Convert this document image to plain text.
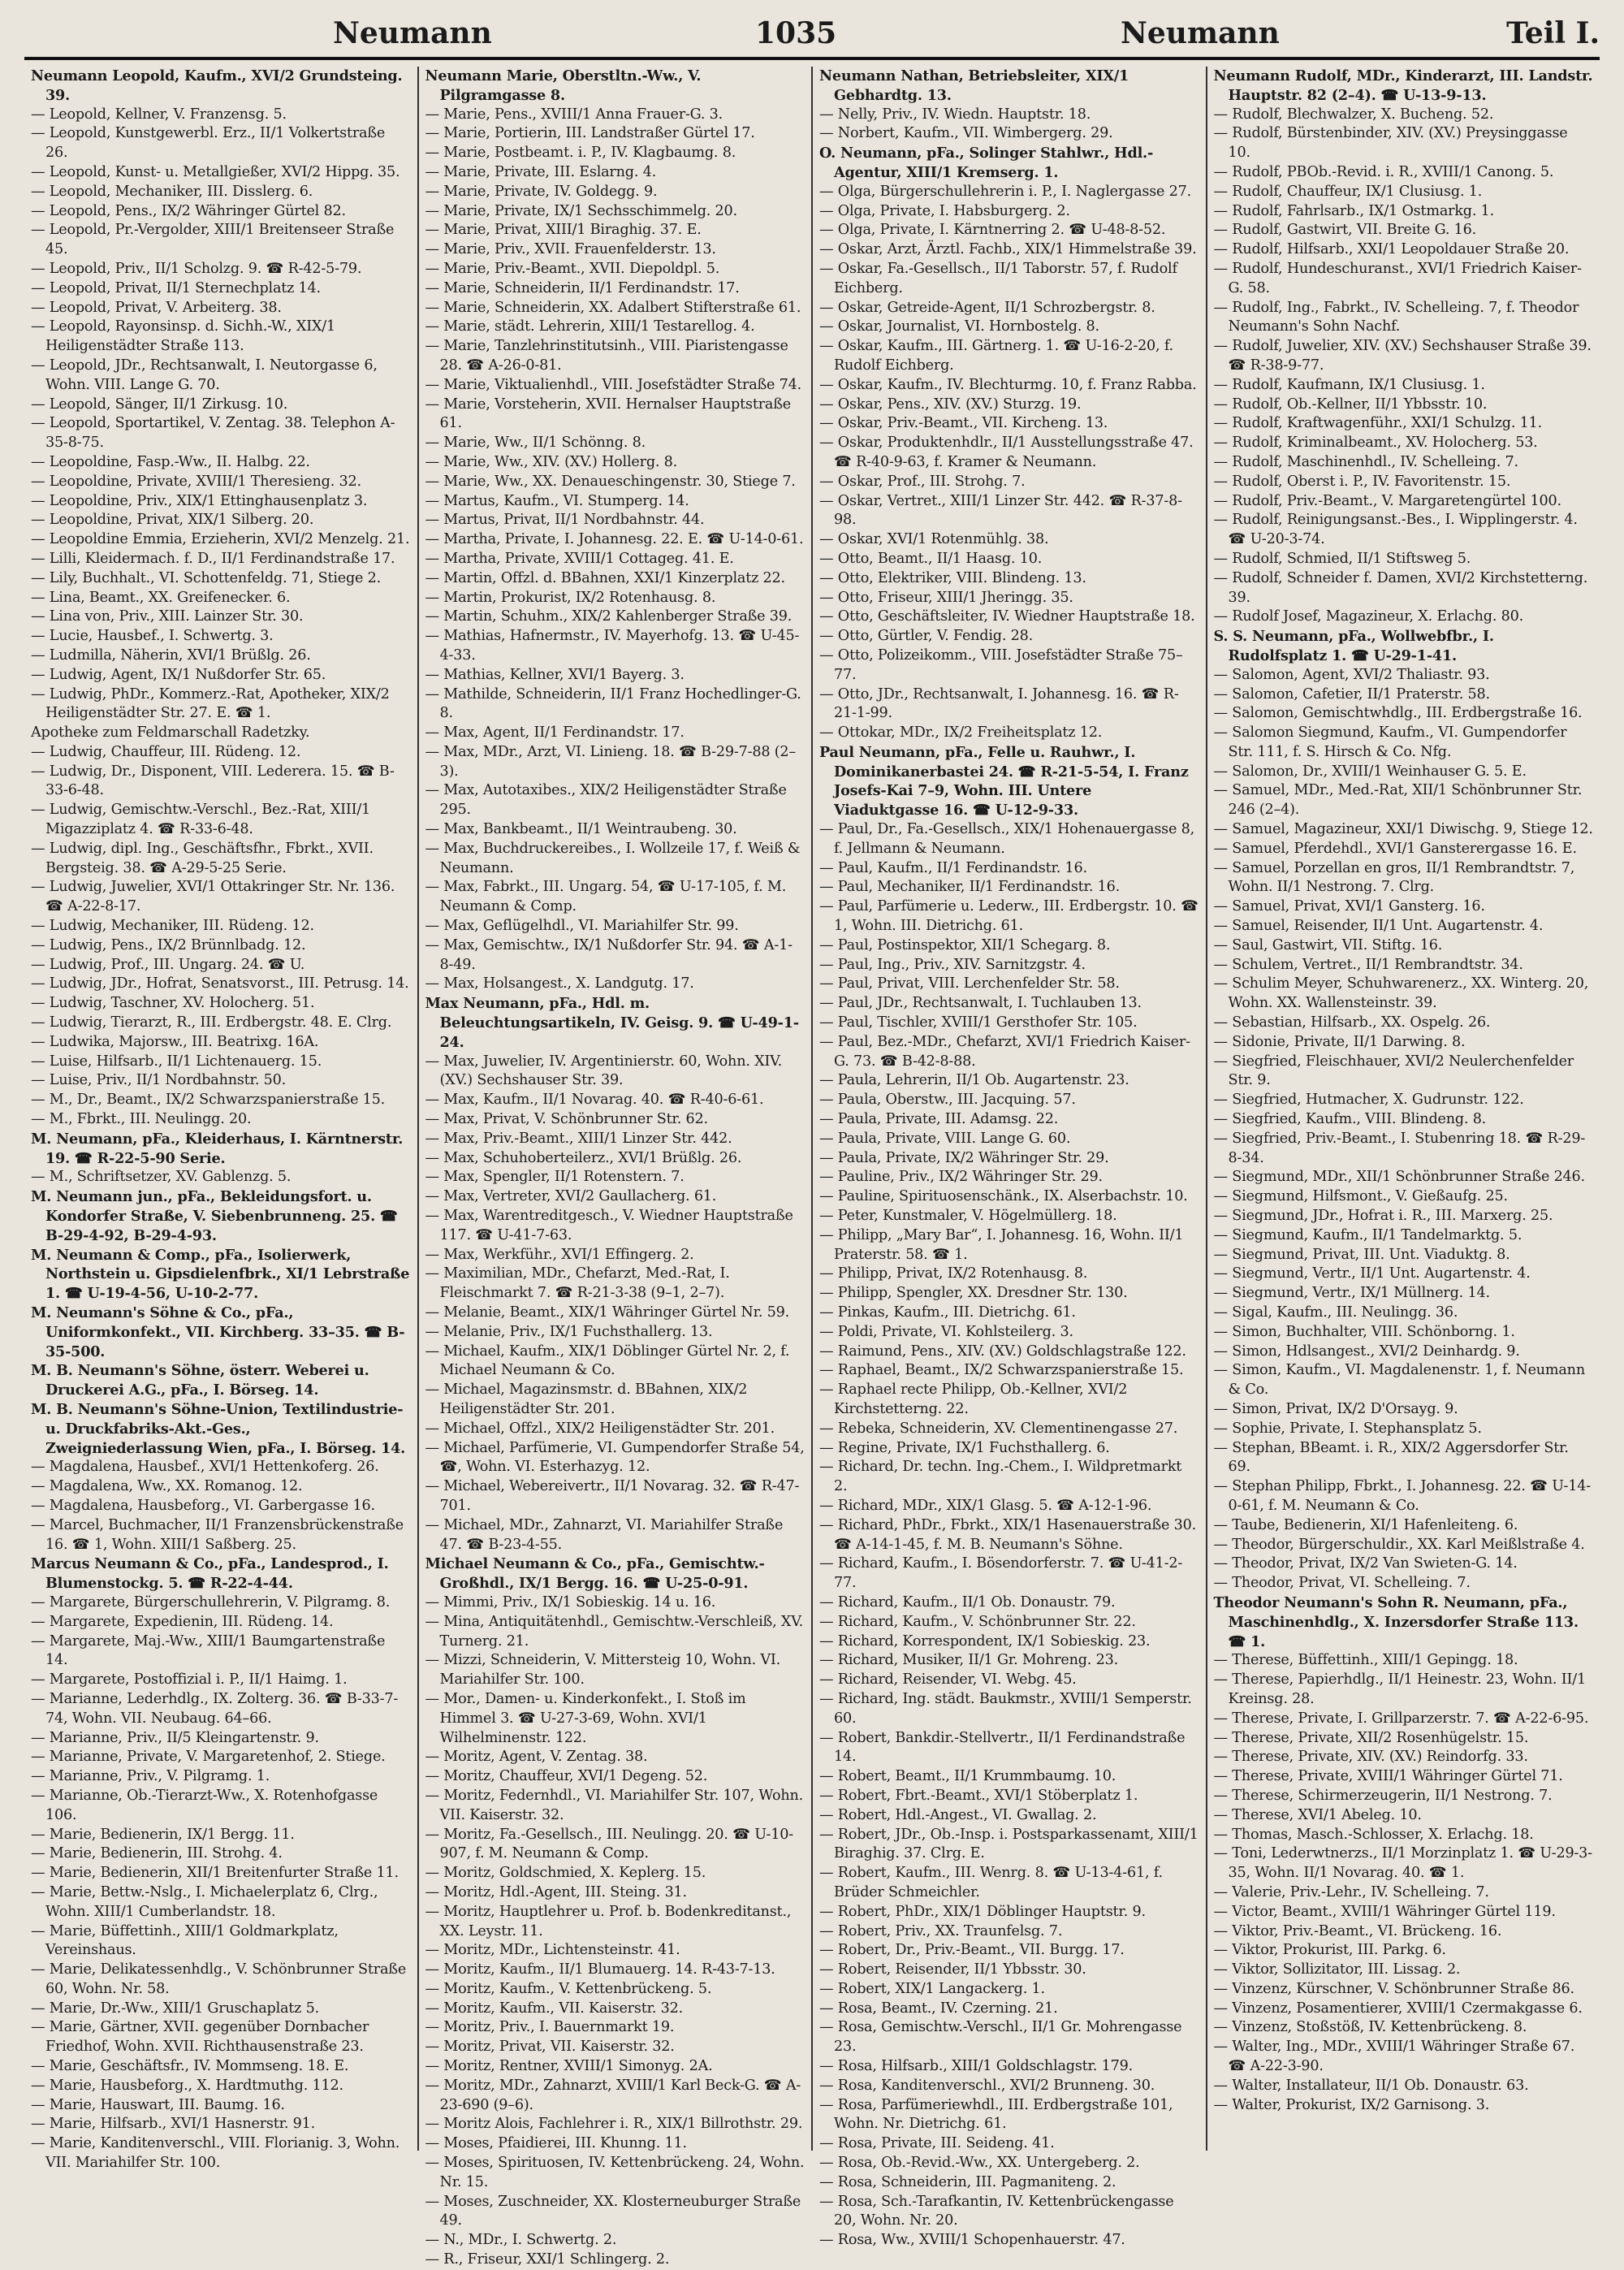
Neumann	1035	Neumann	Teil I.

Neumann Leopold, Kaufm., XVI/2 Grundsteing. 39.

— Leopold, Kellner, V. Franzensg. 5.

— Leopold, Kunstgewerbl. Erz., II/1 Volkertstraße 26.

— Leopold, Kunst- u. Metallgießer, XVI/2 Hippg. 35.

— Leopold, Mechaniker, III. Disslerg. 6.

— Leopold, Pens., IX/2 Währinger Gürtel 82.

— Leopold, Pr.-Vergolder, XIII/1 Breitenseer Straße 45.

— Leopold, Priv., II/1 Scholzg. 9. ☎ R-42-5-79.

— Leopold, Privat, II/1 Sternechplatz 14.

— Leopold, Privat, V. Arbeiterg. 38.

— Leopold, Rayonsinsp. d. Sichh.-W., XIX/1 Heiligenstädter Straße 113.

— Leopold, JDr., Rechtsanwalt, I. Neutorgasse 6, Wohn. VIII. Lange G. 70.

— Leopold, Sänger, II/1 Zirkusg. 10.

— Leopold, Sportartikel, V. Zentag. 38. Telephon A-35-8-75.

— Leopoldine, Fasp.-Ww., II. Halbg. 22.

— Leopoldine, Private, XVIII/1 Theresieng. 32.

— Leopoldine, Priv., XIX/1 Ettinghausenplatz 3.

— Leopoldine, Privat, XIX/1 Silberg. 20.

— Leopoldine Emmia, Erzieherin, XVI/2 Menzelg. 21.

— Lilli, Kleidermach. f. D., II/1 Ferdinandstraße 17.

— Lily, Buchhalt., VI. Schottenfeldg. 71, Stiege 2.

— Lina, Beamt., XX. Greifenecker. 6.

— Lina von, Priv., XIII. Lainzer Str. 30.

— Lucie, Hausbef., I. Schwertg. 3.

— Ludmilla, Näherin, XVI/1 Brüßlg. 26.

— Ludwig, Agent, IX/1 Nußdorfer Str. 65.

— Ludwig, PhDr., Kommerz.-Rat, Apotheker, XIX/2 Heiligenstädter Str. 27. E. ☎ 1.

Apotheke zum Feldmarschall Radetzky.

— Ludwig, Chauffeur, III. Rüdeng. 12.

— Ludwig, Dr., Disponent, VIII. Lederera. 15. ☎ B-33-6-48.

— Ludwig, Gemischtw.-Verschl., Bez.-Rat, XIII/1 Migazziplatz 4. ☎ R-33-6-48.

— Ludwig, dipl. Ing., Geschäftsfhr., Fbrkt., XVII. Bergsteig. 38. ☎ A-29-5-25 Serie.

— Ludwig, Juwelier, XVI/1 Ottakringer Str. Nr. 136. ☎ A-22-8-17.

— Ludwig, Mechaniker, III. Rüdeng. 12.

— Ludwig, Pens., IX/2 Brünnlbadg. 12.

— Ludwig, Prof., III. Ungarg. 24. ☎ U.

— Ludwig, JDr., Hofrat, Senatsvorst., III. Petrusg. 14.

— Ludwig, Taschner, XV. Holocherg. 51.

— Ludwig, Tierarzt, R., III. Erdbergstr. 48. E. Clrg.

— Ludwika, Majorsw., III. Beatrixg. 16A.

— Luise, Hilfsarb., II/1 Lichtenauerg. 15.

— Luise, Priv., II/1 Nordbahnstr. 50.

— M., Dr., Beamt., IX/2 Schwarzspanierstraße 15.

— M., Fbrkt., III. Neulingg. 20.

M. Neumann, pFa., Kleiderhaus, I. Kärntnerstr. 19. ☎ R-22-5-90 Serie.

— M., Schriftsetzer, XV. Gablenzg. 5.

M. Neumann jun., pFa., Bekleidungsfort. u. Kondorfer Straße, V. Siebenbrunneng. 25. ☎ B-29-4-92, B-29-4-93.

M. Neumann & Comp., pFa., Isolierwerk, Northstein u. Gipsdielenfbrk., XI/1 Lebrstraße 1. ☎ U-19-4-56, U-10-2-77.

M. Neumann's Söhne & Co., pFa., Uniformkonfekt., VII. Kirchberg. 33–35. ☎ B-35-500.

M. B. Neumann's Söhne, österr. Weberei u. Druckerei A.G., pFa., I. Börseg. 14.

M. B. Neumann's Söhne-Union, Textilindustrie- u. Druckfabriks-Akt.-Ges., Zweigniederlassung Wien, pFa., I. Börseg. 14.

— Magdalena, Hausbef., XVI/1 Hettenkoferg. 26.

— Magdalena, Ww., XX. Romanog. 12.

— Magdalena, Hausbeforg., VI. Garbergasse 16.

— Marcel, Buchmacher, II/1 Franzensbrückenstraße 16. ☎ 1, Wohn. XIII/1 Saßberg. 25.

Marcus Neumann & Co., pFa., Landesprod., I. Blumenstockg. 5. ☎ R-22-4-44.

— Margarete, Bürgerschullehrerin, V. Pilgramg. 8.

— Margarete, Expedienin, III. Rüdeng. 14.

— Margarete, Maj.-Ww., XIII/1 Baumgartenstraße 14.

— Margarete, Postoffizial i. P., II/1 Haimg. 1.

— Marianne, Lederhdlg., IX. Zolterg. 36. ☎ B-33-7-74, Wohn. VII. Neubaug. 64–66.

— Marianne, Priv., II/5 Kleingartenstr. 9.

— Marianne, Private, V. Margaretenhof, 2. Stiege.

— Marianne, Priv., V. Pilgramg. 1.

— Marianne, Ob.-Tierarzt-Ww., X. Rotenhofgasse 106.

— Marie, Bedienerin, IX/1 Bergg. 11.

— Marie, Bedienerin, III. Strohg. 4.

— Marie, Bedienerin, XII/1 Breitenfurter Straße 11.

— Marie, Bettw.-Nslg., I. Michaelerplatz 6, Clrg., Wohn. XIII/1 Cumberlandstr. 18.

— Marie, Büffettinh., XIII/1 Goldmarkplatz, Vereinshaus.

— Marie, Delikatessenhdlg., V. Schönbrunner Straße 60, Wohn. Nr. 58.

— Marie, Dr.-Ww., XIII/1 Gruschaplatz 5.

— Marie, Gärtner, XVII. gegenüber Dornbacher Friedhof, Wohn. XVII. Richthausenstraße 23.

— Marie, Geschäftsfr., IV. Mommseng. 18. E.

— Marie, Hausbeforg., X. Hardtmuthg. 112.

— Marie, Hauswart, III. Baumg. 16.

— Marie, Hilfsarb., XVI/1 Hasnerstr. 91.

— Marie, Kanditenverschl., VIII. Florianig. 3, Wohn. VII. Mariahilfer Str. 100.

Neumann Marie, Oberstltn.-Ww., V. Pilgramgasse 8.

— Marie, Pens., XVIII/1 Anna Frauer-G. 3.

— Marie, Portierin, III. Landstraßer Gürtel 17.

— Marie, Postbeamt. i. P., IV. Klagbaumg. 8.

— Marie, Private, III. Eslarng. 4.

— Marie, Private, IV. Goldegg. 9.

— Marie, Private, IX/1 Sechsschimmelg. 20.

— Marie, Privat, XIII/1 Biraghig. 37. E.

— Marie, Priv., XVII. Frauenfelderstr. 13.

— Marie, Priv.-Beamt., XVII. Diepoldpl. 5.

— Marie, Schneiderin, II/1 Ferdinandstr. 17.

— Marie, Schneiderin, XX. Adalbert Stifterstraße 61.

— Marie, städt. Lehrerin, XIII/1 Testarellog. 4.

— Marie, Tanzlehrinstitutsinh., VIII. Piaristengasse 28. ☎ A-26-0-81.

— Marie, Viktualienhdl., VIII. Josefstädter Straße 74.

— Marie, Vorsteherin, XVII. Hernalser Hauptstraße 61.

— Marie, Ww., II/1 Schönng. 8.

— Marie, Ww., XIV. (XV.) Hollerg. 8.

— Marie, Ww., XX. Denaueschingenstr. 30, Stiege 7.

— Martus, Kaufm., VI. Stumperg. 14.

— Martus, Privat, II/1 Nordbahnstr. 44.

— Martha, Private, I. Johannesg. 22. E. ☎ U-14-0-61.

— Martha, Private, XVIII/1 Cottageg. 41. E.

— Martin, Offzl. d. BBahnen, XXI/1 Kinzerplatz 22.

— Martin, Prokurist, IX/2 Rotenhausg. 8.

— Martin, Schuhm., XIX/2 Kahlenberger Straße 39.

— Mathias, Hafnermstr., IV. Mayerhofg. 13. ☎ U-45-4-33.

— Mathias, Kellner, XVI/1 Bayerg. 3.

— Mathilde, Schneiderin, II/1 Franz Hochedlinger-G. 8.

— Max, Agent, II/1 Ferdinandstr. 17.

— Max, MDr., Arzt, VI. Linieng. 18. ☎ B-29-7-88 (2–3).

— Max, Autotaxibes., XIX/2 Heiligenstädter Straße 295.

— Max, Bankbeamt., II/1 Weintraubeng. 30.

— Max, Buchdruckereibes., I. Wollzeile 17, f. Weiß & Neumann.

— Max, Fabrkt., III. Ungarg. 54, ☎ U-17-105, f. M. Neumann & Comp.

— Max, Geflügelhdl., VI. Mariahilfer Str. 99.

— Max, Gemischtw., IX/1 Nußdorfer Str. 94. ☎ A-1-8-49.

— Max, Holsangest., X. Landgutg. 17.

Max Neumann, pFa., Hdl. m. Beleuchtungsartikeln, IV. Geisg. 9. ☎ U-49-1-24.

— Max, Juwelier, IV. Argentinierstr. 60, Wohn. XIV. (XV.) Sechshauser Str. 39.

— Max, Kaufm., II/1 Novarag. 40. ☎ R-40-6-61.

— Max, Privat, V. Schönbrunner Str. 62.

— Max, Priv.-Beamt., XIII/1 Linzer Str. 442.

— Max, Schuhoberteilerz., XVI/1 Brüßlg. 26.

— Max, Spengler, II/1 Rotenstern. 7.

— Max, Vertreter, XVI/2 Gaullacherg. 61.

— Max, Warentreditgesch., V. Wiedner Hauptstraße 117. ☎ U-41-7-63.

— Max, Werkführ., XVI/1 Effingerg. 2.

— Maximilian, MDr., Chefarzt, Med.-Rat, I. Fleischmarkt 7. ☎ R-21-3-38 (9–1, 2–7).

— Melanie, Beamt., XIX/1 Währinger Gürtel Nr. 59.

— Melanie, Priv., IX/1 Fuchsthallerg. 13.

— Michael, Kaufm., XIX/1 Döblinger Gürtel Nr. 2, f. Michael Neumann & Co.

— Michael, Magazinsmstr. d. BBahnen, XIX/2 Heiligenstädter Str. 201.

— Michael, Offzl., XIX/2 Heiligenstädter Str. 201.

— Michael, Parfümerie, VI. Gumpendorfer Straße 54, ☎, Wohn. VI. Esterhazyg. 12.

— Michael, Webereivertr., II/1 Novarag. 32. ☎ R-47-701.

— Michael, MDr., Zahnarzt, VI. Mariahilfer Straße 47. ☎ B-23-4-55.

Michael Neumann & Co., pFa., Gemischtw.-Großhdl., IX/1 Bergg. 16. ☎ U-25-0-91.

— Mimmi, Priv., IX/1 Sobieskig. 14 u. 16.

— Mina, Antiquitätenhdl., Gemischtw.-Verschleiß, XV. Turnerg. 21.

— Mizzi, Schneiderin, V. Mittersteig 10, Wohn. VI. Mariahilfer Str. 100.

— Mor., Damen- u. Kinderkonfekt., I. Stoß im Himmel 3. ☎ U-27-3-69, Wohn. XVI/1 Wilhelminenstr. 122.

— Moritz, Agent, V. Zentag. 38.

— Moritz, Chauffeur, XVI/1 Degeng. 52.

— Moritz, Federnhdl., VI. Mariahilfer Str. 107, Wohn. VII. Kaiserstr. 32.

— Moritz, Fa.-Gesellsch., III. Neulingg. 20. ☎ U-10-907, f. M. Neumann & Comp.

— Moritz, Goldschmied, X. Keplerg. 15.

— Moritz, Hdl.-Agent, III. Steing. 31.

— Moritz, Hauptlehrer u. Prof. b. Bodenkreditanst., XX. Leystr. 11.

— Moritz, MDr., Lichtensteinstr. 41.

— Moritz, Kaufm., II/1 Blumauerg. 14. R-43-7-13.

— Moritz, Kaufm., V. Kettenbrückeng. 5.

— Moritz, Kaufm., VII. Kaiserstr. 32.

— Moritz, Priv., I. Bauernmarkt 19.

— Moritz, Privat, VII. Kaiserstr. 32.

— Moritz, Rentner, XVIII/1 Simonyg. 2A.

— Moritz, MDr., Zahnarzt, XVIII/1 Karl Beck-G. ☎ A-23-690 (9–6).

— Moritz Alois, Fachlehrer i. R., XIX/1 Billrothstr. 29.

— Moses, Pfaidierei, III. Khunng. 11.

— Moses, Spirituosen, IV. Kettenbrückeng. 24, Wohn. Nr. 15.

— Moses, Zuschneider, XX. Klosterneuburger Straße 49.

— N., MDr., I. Schwertg. 2.

— R., Friseur, XXI/1 Schlingerg. 2.

Neumann Nathan, Betriebsleiter, XIX/1 Gebhardtg. 13.

— Nelly, Priv., IV. Wiedn. Hauptstr. 18.

— Norbert, Kaufm., VII. Wimbergerg. 29.

O. Neumann, pFa., Solinger Stahlwr., Hdl.-Agentur, XIII/1 Kremserg. 1.

— Olga, Bürgerschullehrerin i. P., I. Naglergasse 27.

— Olga, Private, I. Habsburgerg. 2.

— Olga, Private, I. Kärntnerring 2. ☎ U-48-8-52.

— Oskar, Arzt, Ärztl. Fachb., XIX/1 Himmelstraße 39.

— Oskar, Fa.-Gesellsch., II/1 Taborstr. 57, f. Rudolf Eichberg.

— Oskar, Getreide-Agent, II/1 Schrozbergstr. 8.

— Oskar, Journalist, VI. Hornbostelg. 8.

— Oskar, Kaufm., III. Gärtnerg. 1. ☎ U-16-2-20, f. Rudolf Eichberg.

— Oskar, Kaufm., IV. Blechturmg. 10, f. Franz Rabba.

— Oskar, Pens., XIV. (XV.) Sturzg. 19.

— Oskar, Priv.-Beamt., VII. Kircheng. 13.

— Oskar, Produktenhdlr., II/1 Ausstellungsstraße 47. ☎ R-40-9-63, f. Kramer & Neumann.

— Oskar, Prof., III. Strohg. 7.

— Oskar, Vertret., XIII/1 Linzer Str. 442. ☎ R-37-8-98.

— Oskar, XVI/1 Rotenmühlg. 38.

— Otto, Beamt., II/1 Haasg. 10.

— Otto, Elektriker, VIII. Blindeng. 13.

— Otto, Friseur, XIII/1 Jheringg. 35.

— Otto, Geschäftsleiter, IV. Wiedner Hauptstraße 18.

— Otto, Gürtler, V. Fendig. 28.

— Otto, Polizeikomm., VIII. Josefstädter Straße 75–77.

— Otto, JDr., Rechtsanwalt, I. Johannesg. 16. ☎ R-21-1-99.

— Ottokar, MDr., IX/2 Freiheitsplatz 12.

Paul Neumann, pFa., Felle u. Rauhwr., I. Dominikanerbastei 24. ☎ R-21-5-54, I. Franz Josefs-Kai 7–9, Wohn. III. Untere Viaduktgasse 16. ☎ U-12-9-33.

— Paul, Dr., Fa.-Gesellsch., XIX/1 Hohenauergasse 8, f. Jellmann & Neumann.

— Paul, Kaufm., II/1 Ferdinandstr. 16.

— Paul, Mechaniker, II/1 Ferdinandstr. 16.

— Paul, Parfümerie u. Lederw., III. Erdbergstr. 10. ☎ 1, Wohn. III. Dietrichg. 61.

— Paul, Postinspektor, XII/1 Schegarg. 8.

— Paul, Ing., Priv., XIV. Sarnitzgstr. 4.

— Paul, Privat, VIII. Lerchenfelder Str. 58.

— Paul, JDr., Rechtsanwalt, I. Tuchlauben 13.

— Paul, Tischler, XVIII/1 Gersthofer Str. 105.

— Paul, Bez.-MDr., Chefarzt, XVI/1 Friedrich Kaiser-G. 73. ☎ B-42-8-88.

— Paula, Lehrerin, II/1 Ob. Augartenstr. 23.

— Paula, Oberstw., III. Jacquing. 57.

— Paula, Private, III. Adamsg. 22.

— Paula, Private, VIII. Lange G. 60.

— Paula, Private, IX/2 Währinger Str. 29.

— Pauline, Priv., IX/2 Währinger Str. 29.

— Pauline, Spirituosenschänk., IX. Alserbachstr. 10.

— Peter, Kunstmaler, V. Högelmüllerg. 18.

— Philipp, „Mary Bar“, I. Johannesg. 16, Wohn. II/1 Praterstr. 58. ☎ 1.

— Philipp, Privat, IX/2 Rotenhausg. 8.

— Philipp, Spengler, XX. Dresdner Str. 130.

— Pinkas, Kaufm., III. Dietrichg. 61.

— Poldi, Private, VI. Kohlsteilerg. 3.

— Raimund, Pens., XIV. (XV.) Goldschlagstraße 122.

— Raphael, Beamt., IX/2 Schwarzspanierstraße 15.

— Raphael recte Philipp, Ob.-Kellner, XVI/2 Kirchstetterng. 22.

— Rebeka, Schneiderin, XV. Clementinengasse 27.

— Regine, Private, IX/1 Fuchsthallerg. 6.

— Richard, Dr. techn. Ing.-Chem., I. Wildpretmarkt 2.

— Richard, MDr., XIX/1 Glasg. 5. ☎ A-12-1-96.

— Richard, PhDr., Fbrkt., XIX/1 Hasenauerstraße 30. ☎ A-14-1-45, f. M. B. Neumann's Söhne.

— Richard, Kaufm., I. Bösendorferstr. 7. ☎ U-41-2-77.

— Richard, Kaufm., II/1 Ob. Donaustr. 79.

— Richard, Kaufm., V. Schönbrunner Str. 22.

— Richard, Korrespondent, IX/1 Sobieskig. 23.

— Richard, Musiker, II/1 Gr. Mohreng. 23.

— Richard, Reisender, VI. Webg. 45.

— Richard, Ing. städt. Baukmstr., XVIII/1 Semperstr. 60.

— Robert, Bankdir.-Stellvertr., II/1 Ferdinandstraße 14.

— Robert, Beamt., II/1 Krummbaumg. 10.

— Robert, Fbrt.-Beamt., XVI/1 Stöberplatz 1.

— Robert, Hdl.-Angest., VI. Gwallag. 2.

— Robert, JDr., Ob.-Insp. i. Postsparkassenamt, XIII/1 Biraghig. 37. Clrg. E.

— Robert, Kaufm., III. Wenrg. 8. ☎ U-13-4-61, f. Brüder Schmeichler.

— Robert, PhDr., XIX/1 Döblinger Hauptstr. 9.

— Robert, Priv., XX. Traunfelsg. 7.

— Robert, Dr., Priv.-Beamt., VII. Burgg. 17.

— Robert, Reisender, II/1 Ybbsstr. 30.

— Robert, XIX/1 Langackerg. 1.

— Rosa, Beamt., IV. Czerning. 21.

— Rosa, Gemischtw.-Verschl., II/1 Gr. Mohrengasse 23.

— Rosa, Hilfsarb., XIII/1 Goldschlagstr. 179.

— Rosa, Kanditenverschl., XVI/2 Brunneng. 30.

— Rosa, Parfümeriewhdl., III. Erdbergstraße 101, Wohn. Nr. Dietrichg. 61.

— Rosa, Private, III. Seideng. 41.

— Rosa, Ob.-Revid.-Ww., XX. Untergeberg. 2.

— Rosa, Schneiderin, III. Pagmaniteng. 2.

— Rosa, Sch.-Tarafkantin, IV. Kettenbrückengasse 20, Wohn. Nr. 20.

— Rosa, Ww., XVIII/1 Schopenhauerstr. 47.

Neumann Rudolf, MDr., Kinderarzt, III. Landstr. Hauptstr. 82 (2–4). ☎ U-13-9-13.

— Rudolf, Blechwalzer, X. Bucheng. 52.

— Rudolf, Bürstenbinder, XIV. (XV.) Preysinggasse 10.

— Rudolf, PBOb.-Revid. i. R., XVIII/1 Canong. 5.

— Rudolf, Chauffeur, IX/1 Clusiusg. 1.

— Rudolf, Fahrlsarb., IX/1 Ostmarkg. 1.

— Rudolf, Gastwirt, VII. Breite G. 16.

— Rudolf, Hilfsarb., XXI/1 Leopoldauer Straße 20.

— Rudolf, Hundeschuranst., XVI/1 Friedrich Kaiser-G. 58.

— Rudolf, Ing., Fabrkt., IV. Schelleing. 7, f. Theodor Neumann's Sohn Nachf.

— Rudolf, Juwelier, XIV. (XV.) Sechshauser Straße 39. ☎ R-38-9-77.

— Rudolf, Kaufmann, IX/1 Clusiusg. 1.

— Rudolf, Ob.-Kellner, II/1 Ybbsstr. 10.

— Rudolf, Kraftwagenführ., XXI/1 Schulzg. 11.

— Rudolf, Kriminalbeamt., XV. Holocherg. 53.

— Rudolf, Maschinenhdl., IV. Schelleing. 7.

— Rudolf, Oberst i. P., IV. Favoritenstr. 15.

— Rudolf, Priv.-Beamt., V. Margaretengürtel 100.

— Rudolf, Reinigungsanst.-Bes., I. Wipplingerstr. 4. ☎ U-20-3-74.

— Rudolf, Schmied, II/1 Stiftsweg 5.

— Rudolf, Schneider f. Damen, XVI/2 Kirchstetterng. 39.

— Rudolf Josef, Magazineur, X. Erlachg. 80.

S. S. Neumann, pFa., Wollwebfbr., I. Rudolfsplatz 1. ☎ U-29-1-41.

— Salomon, Agent, XVI/2 Thaliastr. 93.

— Salomon, Cafetier, II/1 Praterstr. 58.

— Salomon, Gemischtwhdlg., III. Erdbergstraße 16.

— Salomon Siegmund, Kaufm., VI. Gumpendorfer Str. 111, f. S. Hirsch & Co. Nfg.

— Salomon, Dr., XVIII/1 Weinhauser G. 5. E.

— Samuel, MDr., Med.-Rat, XII/1 Schönbrunner Str. 246 (2–4).

— Samuel, Magazineur, XXI/1 Diwischg. 9, Stiege 12.

— Samuel, Pferdehdl., XVI/1 Gansterergasse 16. E.

— Samuel, Porzellan en gros, II/1 Rembrandtstr. 7, Wohn. II/1 Nestrong. 7. Clrg.

— Samuel, Privat, XVI/1 Gansterg. 16.

— Samuel, Reisender, II/1 Unt. Augartenstr. 4.

— Saul, Gastwirt, VII. Stiftg. 16.

— Schulem, Vertret., II/1 Rembrandtstr. 34.

— Schulim Meyer, Schuhwarenerz., XX. Winterg. 20, Wohn. XX. Wallensteinstr. 39.

— Sebastian, Hilfsarb., XX. Ospelg. 26.

— Sidonie, Private, II/1 Darwing. 8.

— Siegfried, Fleischhauer, XVI/2 Neulerchenfelder Str. 9.

— Siegfried, Hutmacher, X. Gudrunstr. 122.

— Siegfried, Kaufm., VIII. Blindeng. 8.

— Siegfried, Priv.-Beamt., I. Stubenring 18. ☎ R-29-8-34.

— Siegmund, MDr., XII/1 Schönbrunner Straße 246.

— Siegmund, Hilfsmont., V. Gießaufg. 25.

— Siegmund, JDr., Hofrat i. R., III. Marxerg. 25.

— Siegmund, Kaufm., II/1 Tandelmarktg. 5.

— Siegmund, Privat, III. Unt. Viaduktg. 8.

— Siegmund, Vertr., II/1 Unt. Augartenstr. 4.

— Siegmund, Vertr., IX/1 Müllnerg. 14.

— Sigal, Kaufm., III. Neulingg. 36.

— Simon, Buchhalter, VIII. Schönborng. 1.

— Simon, Hdlsangest., XVI/2 Deinhardg. 9.

— Simon, Kaufm., VI. Magdalenenstr. 1, f. Neumann & Co.

— Simon, Privat, IX/2 D'Orsayg. 9.

— Sophie, Private, I. Stephansplatz 5.

— Stephan, BBeamt. i. R., XIX/2 Aggersdorfer Str. 69.

— Stephan Philipp, Fbrkt., I. Johannesg. 22. ☎ U-14-0-61, f. M. Neumann & Co.

— Taube, Bedienerin, XI/1 Hafenleiteng. 6.

— Theodor, Bürgerschuldir., XX. Karl Meißlstraße 4.

— Theodor, Privat, IX/2 Van Swieten-G. 14.

— Theodor, Privat, VI. Schelleing. 7.

Theodor Neumann's Sohn R. Neumann, pFa., Maschinenhdlg., X. Inzersdorfer Straße 113. ☎ 1.

— Therese, Büffettinh., XIII/1 Gepingg. 18.

— Therese, Papierhdlg., II/1 Heinestr. 23, Wohn. II/1 Kreinsg. 28.

— Therese, Private, I. Grillparzerstr. 7. ☎ A-22-6-95.

— Therese, Private, XII/2 Rosenhügelstr. 15.

— Therese, Private, XIV. (XV.) Reindorfg. 33.

— Therese, Private, XVIII/1 Währinger Gürtel 71.

— Therese, Schirmerzeugerin, II/1 Nestrong. 7.

— Therese, XVI/1 Abeleg. 10.

— Thomas, Masch.-Schlosser, X. Erlachg. 18.

— Toni, Lederwtnerzs., II/1 Morzinplatz 1. ☎ U-29-3-35, Wohn. II/1 Novarag. 40. ☎ 1.

— Valerie, Priv.-Lehr., IV. Schelleing. 7.

— Victor, Beamt., XVIII/1 Währinger Gürtel 119.

— Viktor, Priv.-Beamt., VI. Brückeng. 16.

— Viktor, Prokurist, III. Parkg. 6.

— Viktor, Sollizitator, III. Lissag. 2.

— Vinzenz, Kürschner, V. Schönbrunner Straße 86.

— Vinzenz, Posamentierer, XVIII/1 Czermakgasse 6.

— Vinzenz, Stoßstöß, IV. Kettenbrückeng. 8.

— Walter, Ing., MDr., XVIII/1 Währinger Straße 67. ☎ A-22-3-90.

— Walter, Installateur, II/1 Ob. Donaustr. 63.

— Walter, Prokurist, IX/2 Garnisong. 3.
